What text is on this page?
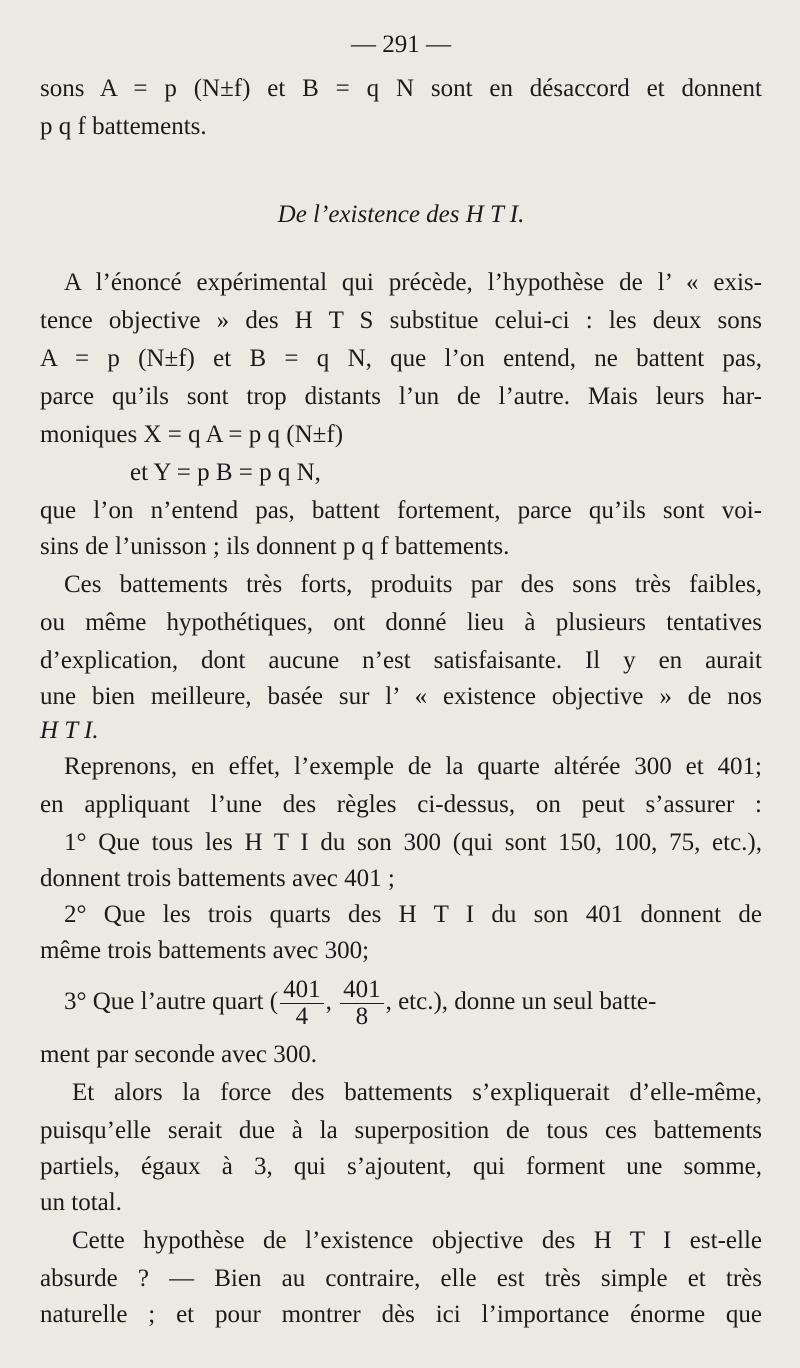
— 291 —
sons A = p (N±f) et B = q N sont en désaccord et donnent
p q f battements.
De l’existence des H T I.
A l’énoncé expérimental qui précède, l’hypothèse de l’ « exis-
tence objective » des H T S substitue celui-ci : les deux sons
A = p (N±f) et B = q N, que l’on entend, ne battent pas,
parce qu’ils sont trop distants l’un de l’autre. Mais leurs har-
moniques X = q A = p q (N±f)
et Y = p B = p q N,
que l’on n’entend pas, battent fortement, parce qu’ils sont voi-
sins de l’unisson ; ils donnent p q f battements.
Ces battements très forts, produits par des sons très faibles,
ou même hypothétiques, ont donné lieu à plusieurs tentatives
d’explication, dont aucune n’est satisfaisante. Il y en aurait
une bien meilleure, basée sur l’ « existence objective » de nos
H T I.
Reprenons, en effet, l’exemple de la quarte altérée 300 et 401;
en appliquant l’une des règles ci-dessus, on peut s’assurer :
1° Que tous les H T I du son 300 (qui sont 150, 100, 75, etc.),
donnent trois battements avec 401 ;
2° Que les trois quarts des H T I du son 401 donnent de
même trois battements avec 300;
3° Que l’autre quart ( $\frac{401}{4}$ , $\frac{401}{8}$ , etc.), donne un seul batte-
ment par seconde avec 300.
Et alors la force des battements s’expliquerait d’elle-même,
puisqu’elle serait due à la superposition de tous ces battements
partiels, égaux à 3, qui s’ajoutent, qui forment une somme,
un total.
Cette hypothèse de l’existence objective des H T I est-elle
absurde ? — Bien au contraire, elle est très simple et très
naturelle ; et pour montrer dès ici l’importance énorme que
